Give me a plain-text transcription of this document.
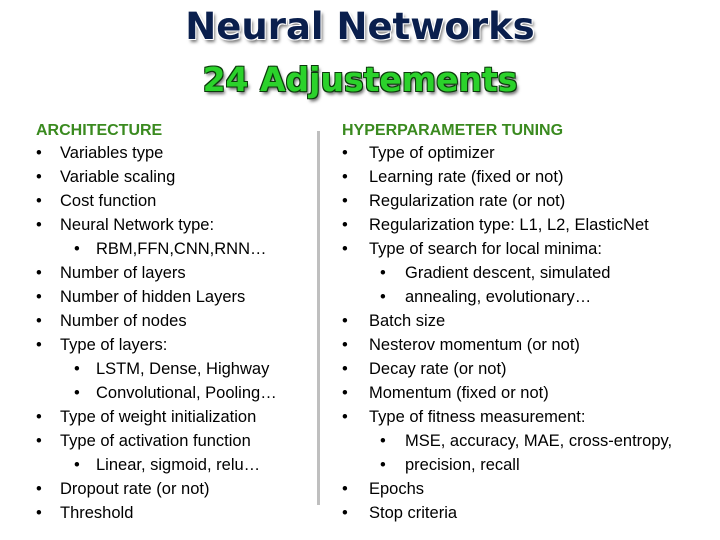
Neural Networks
24 Adjustements
ARCHITECTURE
• Variables type
• Variable scaling
• Cost function
• Neural Network type:
• RBM,FFN,CNN,RNN…
• Number of layers
• Number of hidden Layers
• Number of nodes
• Type of layers:
• LSTM, Dense, Highway
• Convolutional, Pooling…
• Type of weight initialization
• Type of activation function
• Linear, sigmoid, relu…
• Dropout rate (or not)
• Threshold
HYPERPARAMETER TUNING
• Type of optimizer
• Learning rate (fixed or not)
• Regularization rate (or not)
• Regularization type: L1, L2, ElasticNet
• Type of search for local minima:
• Gradient descent, simulated
• annealing, evolutionary…
• Batch size
• Nesterov momentum (or not)
• Decay rate (or not)
• Momentum (fixed or not)
• Type of fitness measurement:
• MSE, accuracy, MAE, cross-entropy,
• precision, recall
• Epochs
• Stop criteria
